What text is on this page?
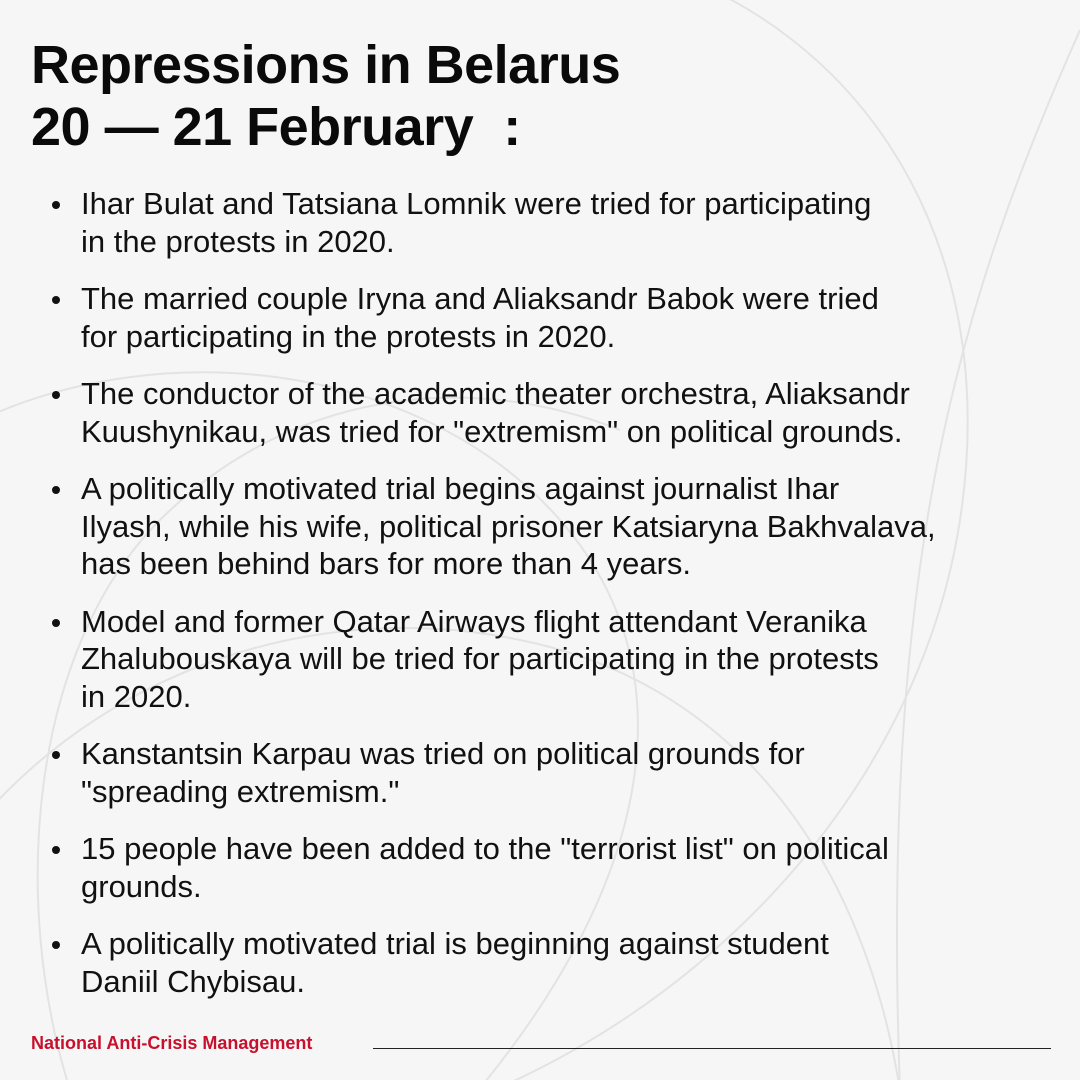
Repressions in Belarus
20 — 21 February :
Ihar Bulat and Tatsiana Lomnik were tried for participating
in the protests in 2020.
The married couple Iryna and Aliaksandr Babok were tried
for participating in the protests in 2020.
The conductor of the academic theater orchestra, Aliaksandr
Kuushynikau, was tried for "extremism" on political grounds.
A politically motivated trial begins against journalist Ihar
Ilyash, while his wife, political prisoner Katsiaryna Bakhvalava,
has been behind bars for more than 4 years.
Model and former Qatar Airways flight attendant Veranika
Zhalubouskaya will be tried for participating in the protests
in 2020.
Kanstantsin Karpau was tried on political grounds for
"spreading extremism."
15 people have been added to the "terrorist list" on political
grounds.
A politically motivated trial is beginning against student
Daniil Chybisau.
National Anti-Crisis Management
